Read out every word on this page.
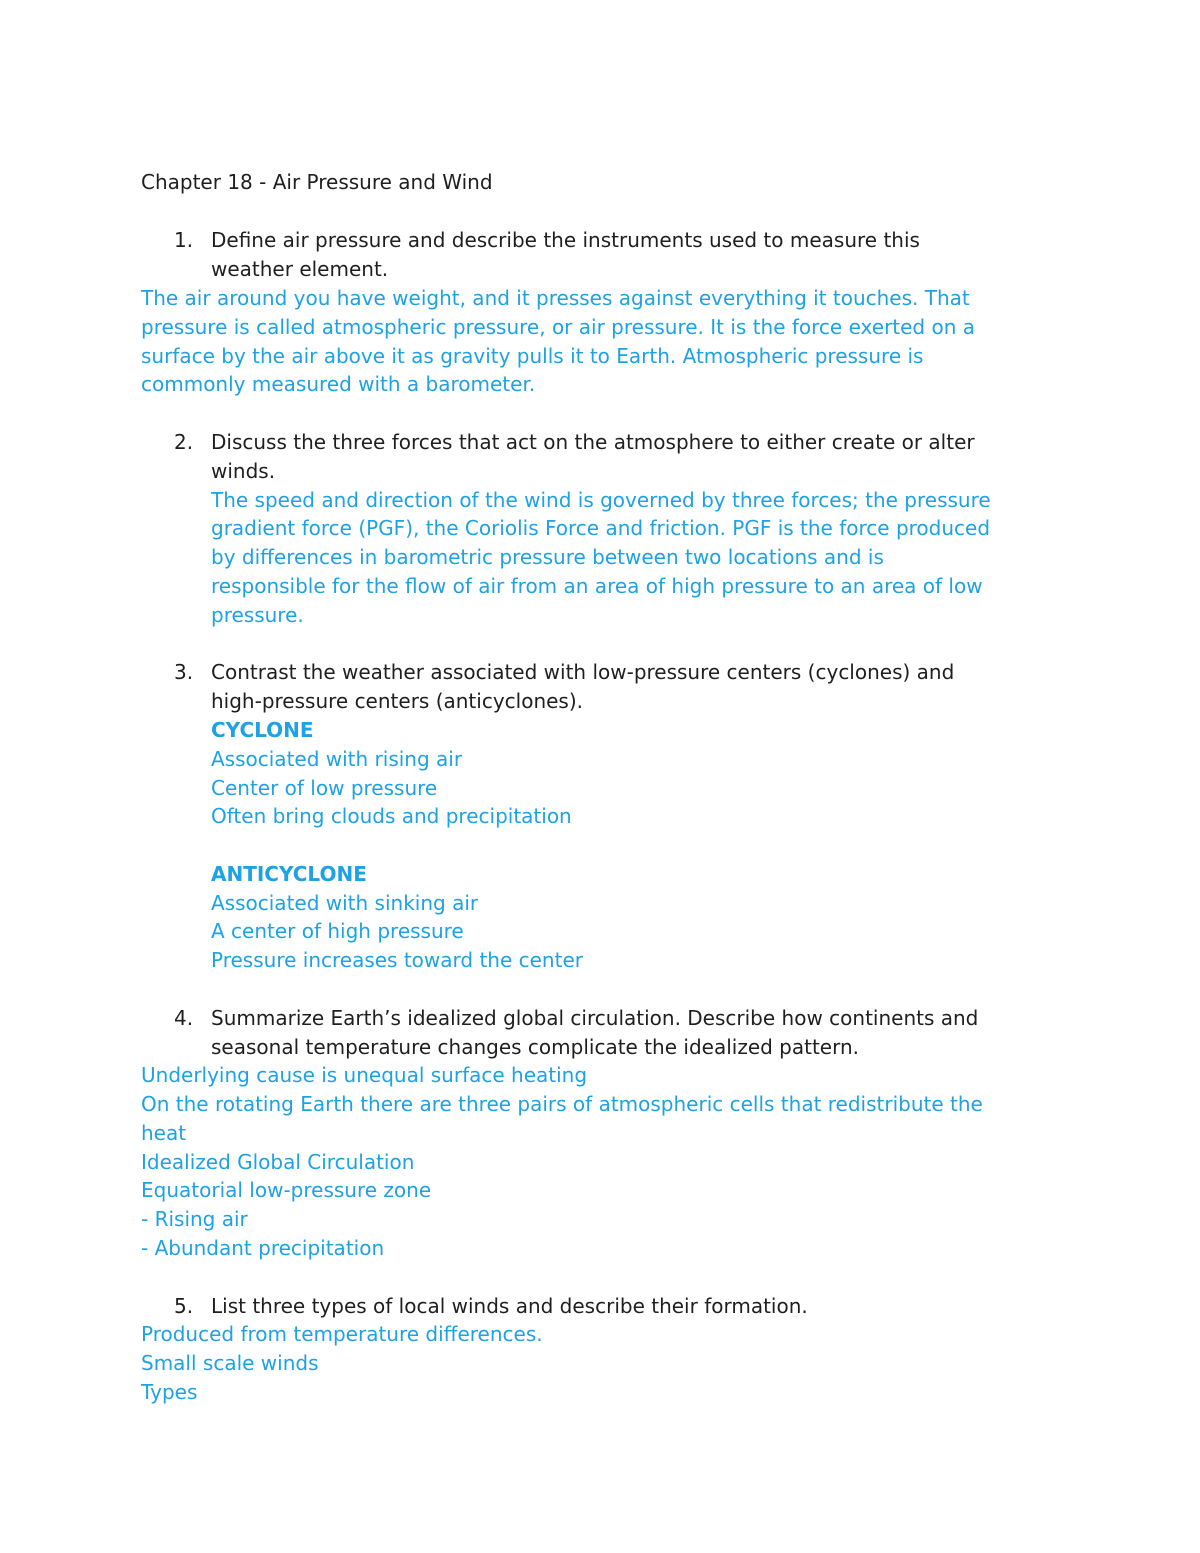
Chapter 18 - Air Pressure and Wind
1. Define air pressure and describe the instruments used to measure this
weather element.
The air around you have weight, and it presses against everything it touches. That
pressure is called atmospheric pressure, or air pressure. It is the force exerted on a
surface by the air above it as gravity pulls it to Earth. Atmospheric pressure is
commonly measured with a barometer.
2. Discuss the three forces that act on the atmosphere to either create or alter
winds.
The speed and direction of the wind is governed by three forces; the pressure
gradient force (PGF), the Coriolis Force and friction. PGF is the force produced
by differences in barometric pressure between two locations and is
responsible for the flow of air from an area of high pressure to an area of low
pressure.
3. Contrast the weather associated with low-pressure centers (cyclones) and
high-pressure centers (anticyclones).
CYCLONE
Associated with rising air
Center of low pressure
Often bring clouds and precipitation
ANTICYCLONE
Associated with sinking air
A center of high pressure
Pressure increases toward the center
4. Summarize Earth’s idealized global circulation. Describe how continents and
seasonal temperature changes complicate the idealized pattern.
Underlying cause is unequal surface heating
On the rotating Earth there are three pairs of atmospheric cells that redistribute the
heat
Idealized Global Circulation
Equatorial low-pressure zone
- Rising air
- Abundant precipitation
5. List three types of local winds and describe their formation.
Produced from temperature differences.
Small scale winds
Types
